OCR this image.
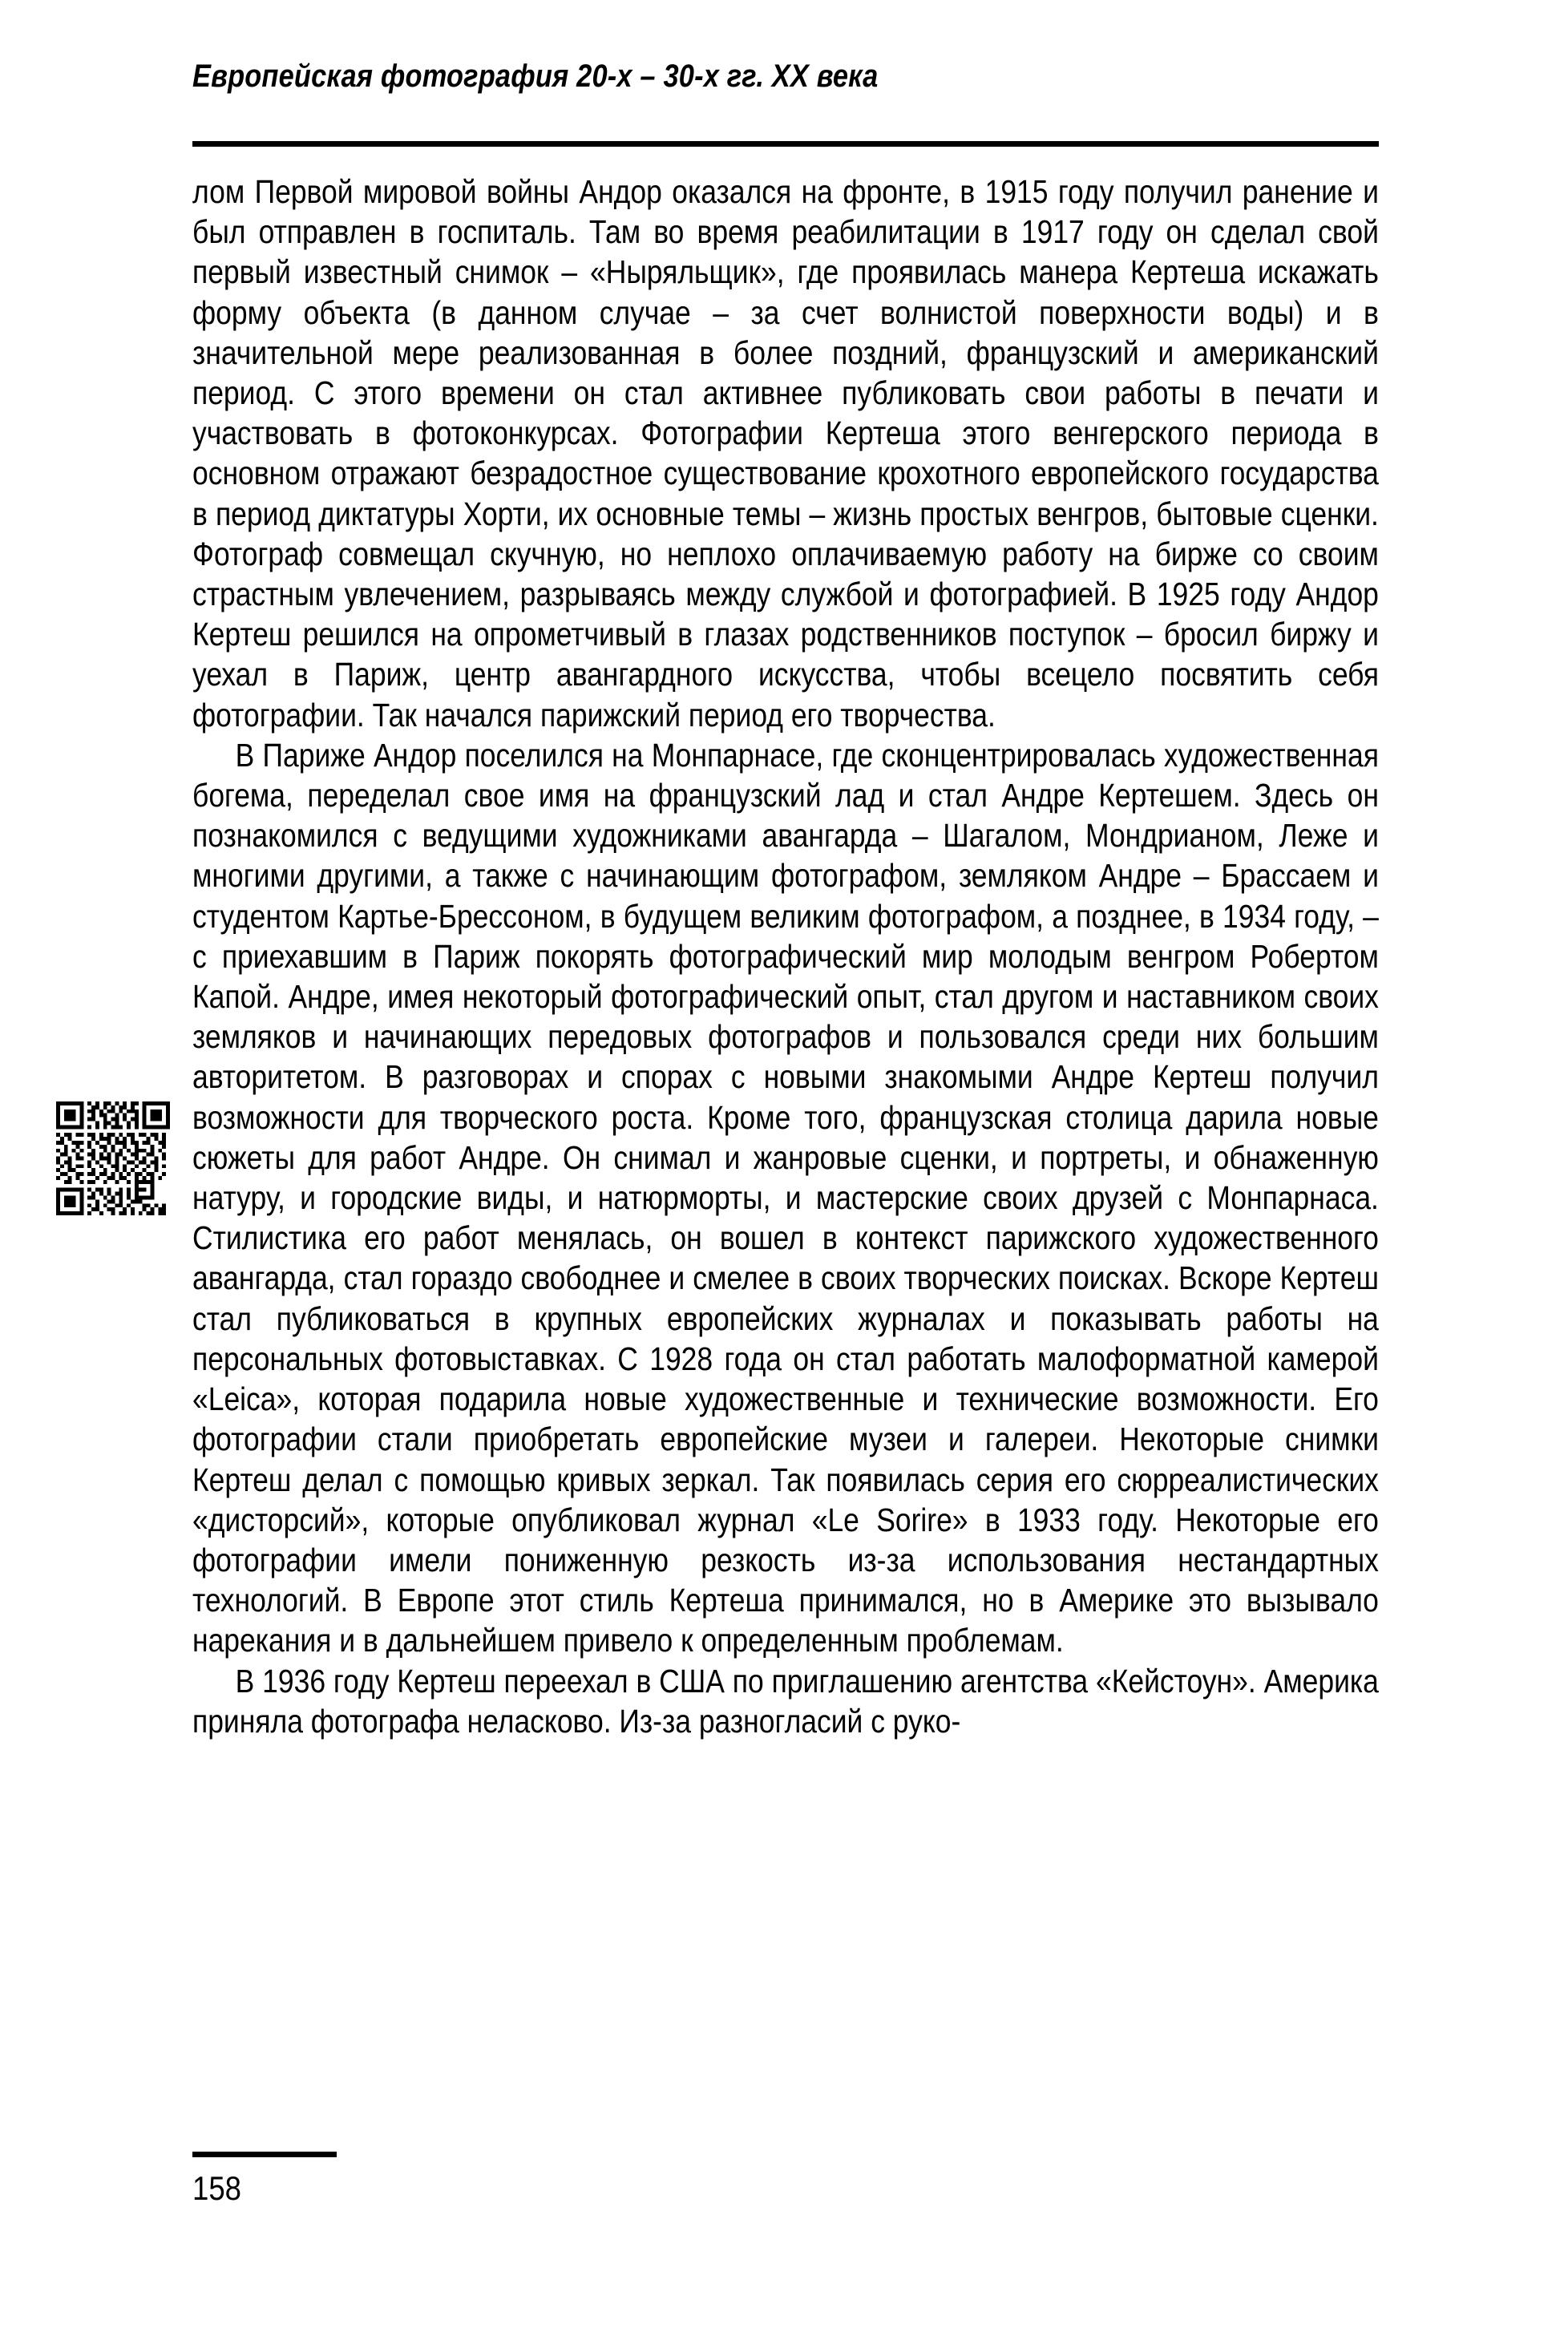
Европейская фотография 20-х – 30-х гг. XX века

лом Первой мировой войны Андор оказался на фронте, в 1915 году получил ранение и был отправлен в госпиталь. Там во время реабилитации в 1917 году он сделал свой первый известный снимок – «Ныряльщик», где проявилась манера Кертеша искажать форму объекта (в данном случае – за счет волнистой поверхности воды) и в значительной мере реализованная в более поздний, французский и американский период. С этого времени он стал активнее публиковать свои работы в печати и участвовать в фотоконкурсах. Фотографии Кертеша этого венгерского периода в основном отражают безрадостное существование крохотного европейского государства в период диктатуры Хорти, их основные темы – жизнь простых венгров, бытовые сценки. Фотограф совмещал скучную, но неплохо оплачиваемую работу на бирже со своим страстным увлечением, разрываясь между службой и фотографией. В 1925 году Андор Кертеш решился на опрометчивый в глазах родственников поступок – бросил биржу и уехал в Париж, центр авангардного искусства, чтобы всецело посвятить себя фотографии. Так начался парижский период его творчества.

В Париже Андор поселился на Монпарнасе, где сконцентрировалась художественная богема, переделал свое имя на французский лад и стал Андре Кертешем. Здесь он познакомился с ведущими художниками авангарда – Шагалом, Мондрианом, Леже и многими другими, а также с начинающим фотографом, земляком Андре – Брассаем и студентом Картье-Брессоном, в будущем великим фотографом, а позднее, в 1934 году, – с приехавшим в Париж покорять фотографический мир молодым венгром Робертом Капой. Андре, имея некоторый фотографический опыт, стал другом и наставником своих земляков и начинающих передовых фотографов и пользовался среди них большим авторитетом. В разговорах и спорах с новыми знакомыми Андре Кертеш получил возможности для творческого роста. Кроме того, французская столица дарила новые сюжеты для работ Андре. Он снимал и жанровые сценки, и портреты, и обнаженную натуру, и городские виды, и натюрморты, и мастерские своих друзей с Монпарнаса. Стилистика его работ менялась, он вошел в контекст парижского художественного авангарда, стал гораздо свободнее и смелее в своих творческих поисках. Вскоре Кертеш стал публиковаться в крупных европейских журналах и показывать работы на персональных фотовыставках. С 1928 года он стал работать малоформатной камерой «Leica», которая подарила новые художественные и технические возможности. Его фотографии стали приобретать европейские музеи и галереи. Некоторые снимки Кертеш делал с помощью кривых зеркал. Так появилась серия его сюрреалистических «дисторсий», которые опубликовал журнал «Le Sorire» в 1933 году. Некоторые его фотографии имели пониженную резкость из-за использования нестандартных технологий. В Европе этот стиль Кертеша принимался, но в Америке это вызывало нарекания и в дальнейшем привело к определенным проблемам.

В 1936 году Кертеш переехал в США по приглашению агентства «Кейстоун». Америка приняла фотографа неласково. Из-за разногласий с руко-

158
